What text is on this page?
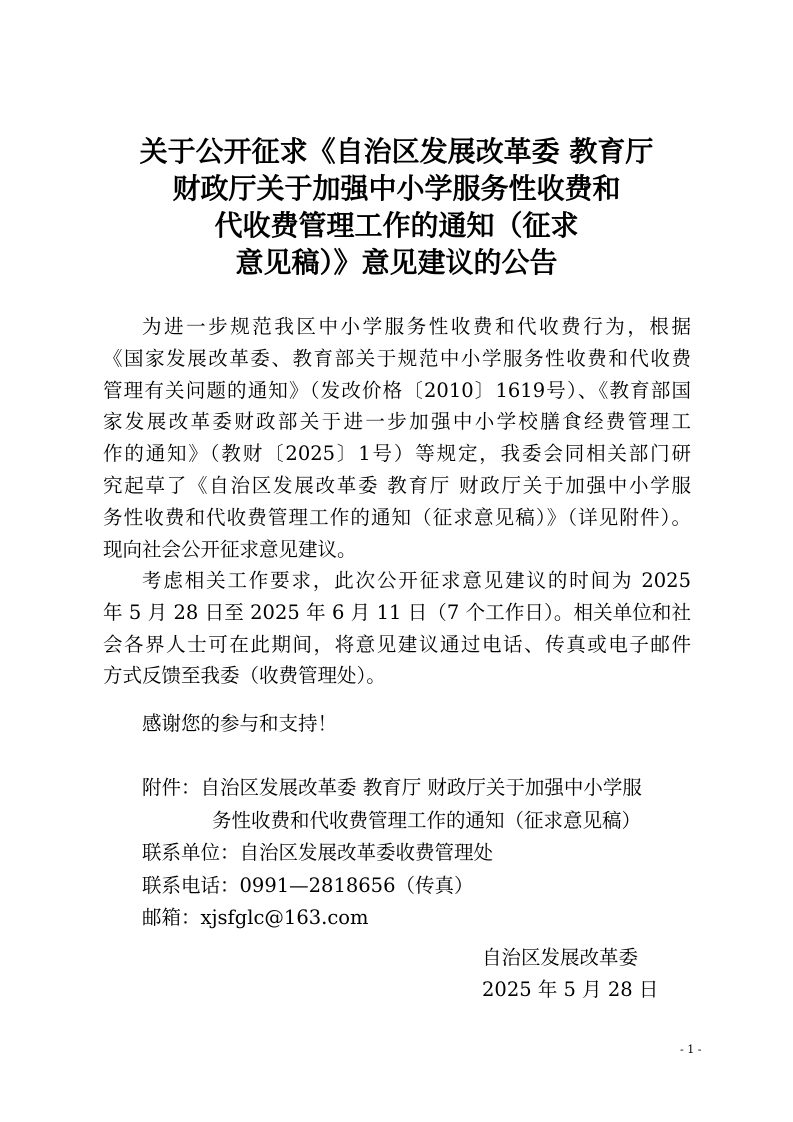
关于公开征求《自治区发展改革委 教育厅
财政厅关于加强中小学服务性收费和
代收费管理工作的通知（征求
意见稿）》意见建议的公告
为进一步规范我区中小学服务性收费和代收费行为，根据
《国家发展改革委、教育部关于规范中小学服务性收费和代收费
管理有关问题的通知》（发改价格〔2010〕1619号）、《教育部国
家发展改革委财政部关于进一步加强中小学校膳食经费管理工
作的通知》（教财〔2025〕1号）等规定，我委会同相关部门研
究起草了《自治区发展改革委 教育厅 财政厅关于加强中小学服
务性收费和代收费管理工作的通知（征求意见稿）》（详见附件）。
现向社会公开征求意见建议。
考虑相关工作要求，此次公开征求意见建议的时间为 2025
年 5 月 28 日至 2025 年 6 月 11 日（7 个工作日）。相关单位和社
会各界人士可在此期间，将意见建议通过电话、传真或电子邮件
方式反馈至我委（收费管理处）。
感谢您的参与和支持！
附件：自治区发展改革委 教育厅 财政厅关于加强中小学服
务性收费和代收费管理工作的通知（征求意见稿）
联系单位：自治区发展改革委收费管理处
联系电话：0991—2818656（传真）
邮箱：xjsfglc@163.com
自治区发展改革委
2025 年 5 月 28 日
- 1 -
